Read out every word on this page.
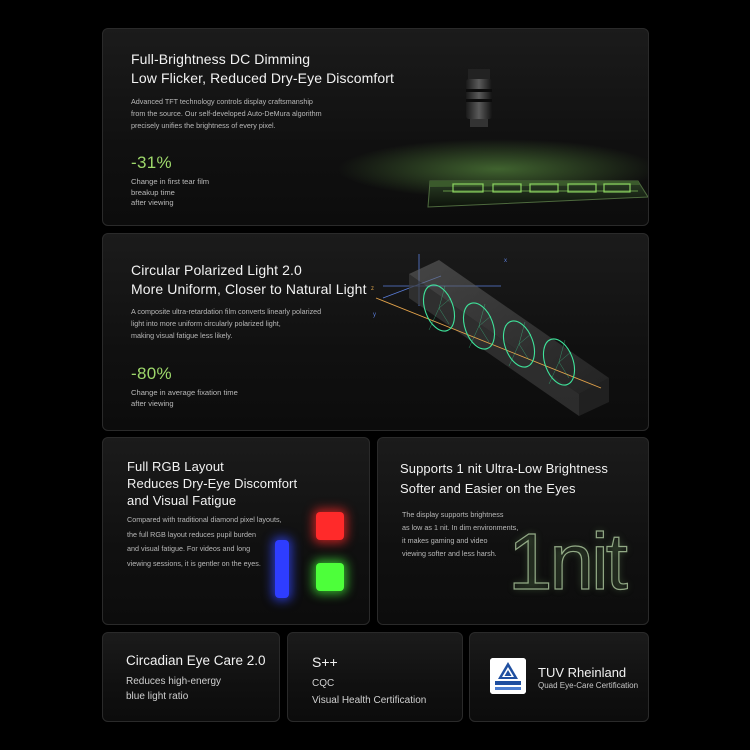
Full-Brightness DC Dimming
Low Flicker, Reduced Dry-Eye Discomfort
Advanced TFT technology controls display craftsmanship
from the source. Our self-developed Auto-DeMura algorithm
precisely unifies the brightness of every pixel.
-31%
Change in first tear film
breakup time
after viewing
Circular Polarized Light 2.0
More Uniform, Closer to Natural Light
A composite ultra-retardation film converts linearly polarized
light into more uniform circularly polarized light,
making visual fatigue less likely.
-80%
Change in average fixation time
after viewing
x
y
z
Full RGB Layout
Reduces Dry-Eye Discomfort
and Visual Fatigue
Compared with traditional diamond pixel layouts,
the full RGB layout reduces pupil burden
and visual fatigue. For videos and long
viewing sessions, it is gentler on the eyes.
Supports 1 nit Ultra-Low Brightness
Softer and Easier on the Eyes
The display supports brightness
as low as 1 nit. In dim environments,
it makes gaming and video
viewing softer and less harsh. 1nit
Circadian Eye Care 2.0
Reduces high-energy
blue light ratio
S++
CQC
Visual Health Certification
TUV Rheinland
Quad Eye-Care Certification
